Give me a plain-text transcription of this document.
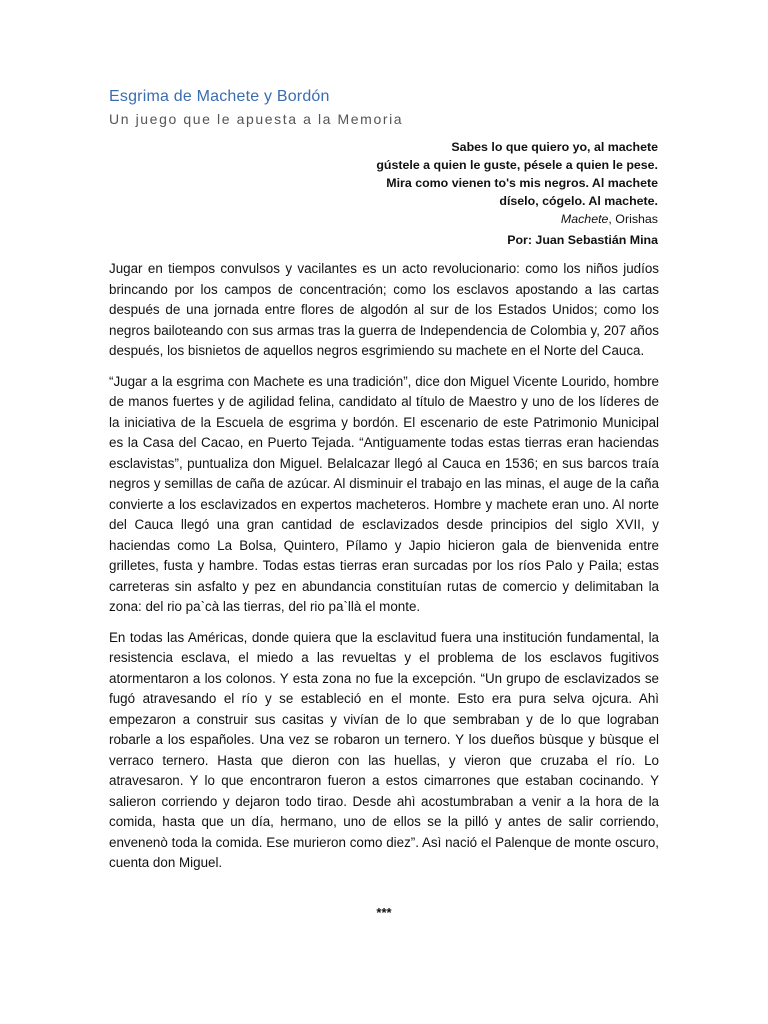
Esgrima de Machete y Bordón
Un juego que le apuesta a la Memoria
Sabes lo que quiero yo, al machete
gústele a quien le guste, pésele a quien le pese.
Mira como vienen to's mis negros. Al machete
díselo, cógelo. Al machete.
Machete, Orishas
Por: Juan Sebastián Mina

Jugar en tiempos convulsos y vacilantes es un acto revolucionario: como los niños judíos brincando por los campos de concentración; como los esclavos apostando a las cartas después de una jornada entre flores de algodón al sur de los Estados Unidos; como los negros bailoteando con sus armas tras la guerra de Independencia de Colombia y, 207 años después, los bisnietos de aquellos negros esgrimiendo su machete en el Norte del Cauca.

“Jugar a la esgrima con Machete es una tradición”, dice don Miguel Vicente Lourido, hombre de manos fuertes y de agilidad felina, candidato al título de Maestro y uno de los líderes de la iniciativa de la Escuela de esgrima y bordón. El escenario de este Patrimonio Municipal es la Casa del Cacao, en Puerto Tejada. “Antiguamente todas estas tierras eran haciendas esclavistas”, puntualiza don Miguel. Belalcazar llegó al Cauca en 1536; en sus barcos traía negros y semillas de caña de azúcar. Al disminuir el trabajo en las minas, el auge de la caña convierte a los esclavizados en expertos macheteros. Hombre y machete eran uno. Al norte del Cauca llegó una gran cantidad de esclavizados desde principios del siglo XVII, y haciendas como La Bolsa, Quintero, Pílamo y Japio hicieron gala de bienvenida entre grilletes, fusta y hambre. Todas estas tierras eran surcadas por los ríos Palo y Paila; estas carreteras sin asfalto y pez en abundancia constituían rutas de comercio y delimitaban la zona: del rio pa`cà las tierras, del rio pa`llà el monte.

En todas las Américas, donde quiera que la esclavitud fuera una institución fundamental, la resistencia esclava, el miedo a las revueltas y el problema de los esclavos fugitivos atormentaron a los colonos. Y esta zona no fue la excepción. “Un grupo de esclavizados se fugó atravesando el río y se estableció en el monte. Esto era pura selva ojcura. Ahì empezaron a construir sus casitas y vivían de lo que sembraban y de lo que lograban robarle a los españoles. Una vez se robaron un ternero. Y los dueños bùsque y bùsque el verraco ternero. Hasta que dieron con las huellas, y vieron que cruzaba el río. Lo atravesaron. Y lo que encontraron fueron a estos cimarrones que estaban cocinando. Y salieron corriendo y dejaron todo tirao. Desde ahì acostumbraban a venir a la hora de la comida, hasta que un día, hermano, uno de ellos se la pilló y antes de salir corriendo, envenenò toda la comida. Ese murieron como diez”. Asì nació el Palenque de monte oscuro, cuenta don Miguel.

***
